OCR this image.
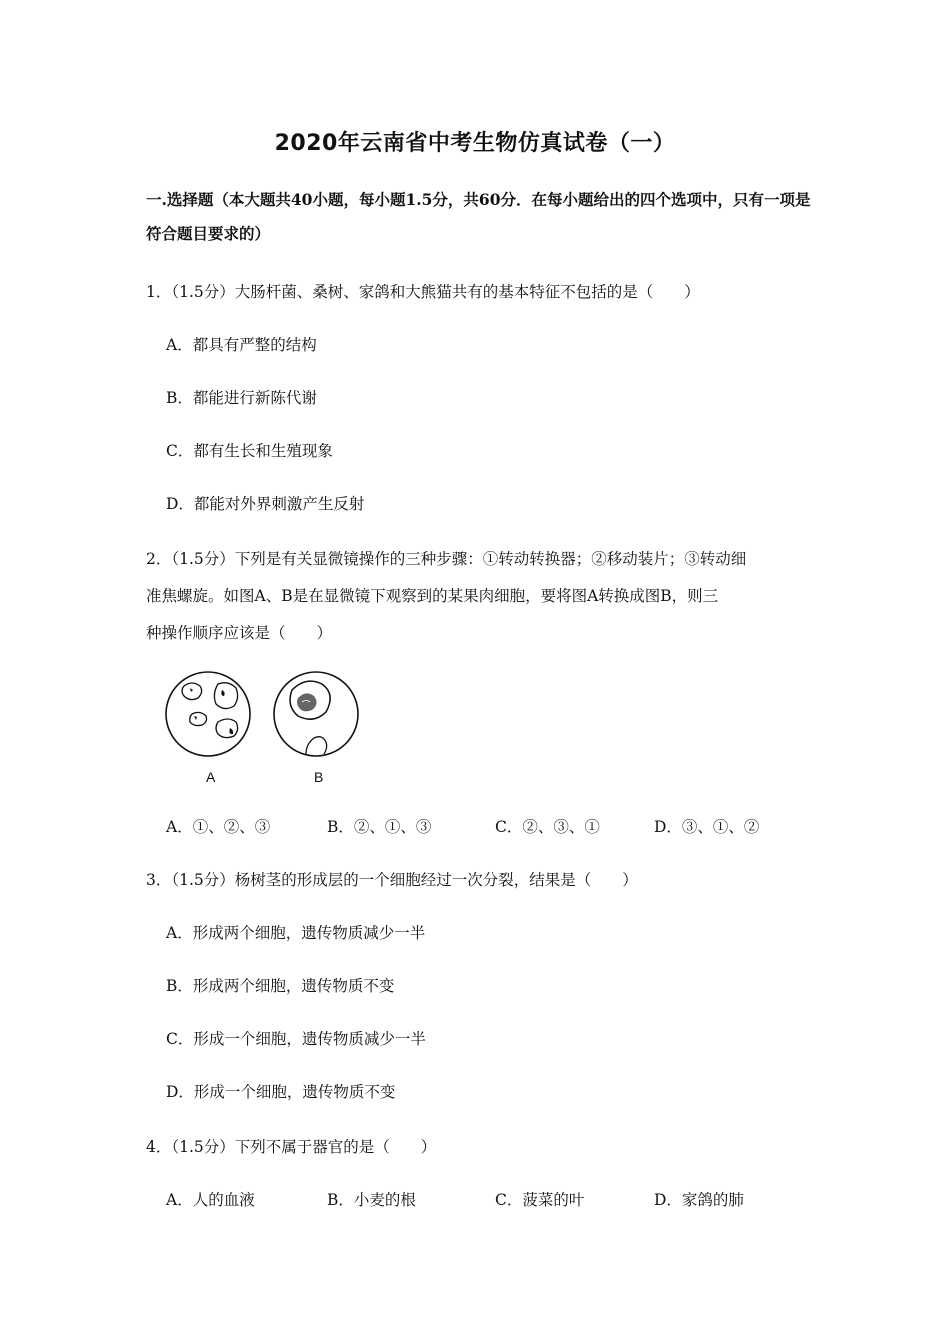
2020年云南省中考生物仿真试卷（一）
一.选择题（本大题共40小题，每小题1.5分，共60分．在每小题给出的四个选项中，只有一项是符合题目要求的）
1．（1.5分）大肠杆菌、桑树、家鸽和大熊猫共有的基本特征不包括的是（　　）
A．都具有严整的结构
B．都能进行新陈代谢
C．都有生长和生殖现象
D．都能对外界刺激产生反射
2．（1.5分）下列是有关显微镜操作的三种步骤：①转动转换器；②移动装片；③转动细
准焦螺旋。如图A、B是在显微镜下观察到的某果肉细胞，要将图A转换成图B，则三
种操作顺序应该是（　　）
A	B
A．①、②、③	B．②、①、③	C．②、③、①	D．③、①、②
3．（1.5分）杨树茎的形成层的一个细胞经过一次分裂，结果是（　　）
A．形成两个细胞，遗传物质减少一半
B．形成两个细胞，遗传物质不变
C．形成一个细胞，遗传物质减少一半
D．形成一个细胞，遗传物质不变
4．（1.5分）下列不属于器官的是（　　）
A．人的血液	B．小麦的根	C．菠菜的叶	D．家鸽的肺
